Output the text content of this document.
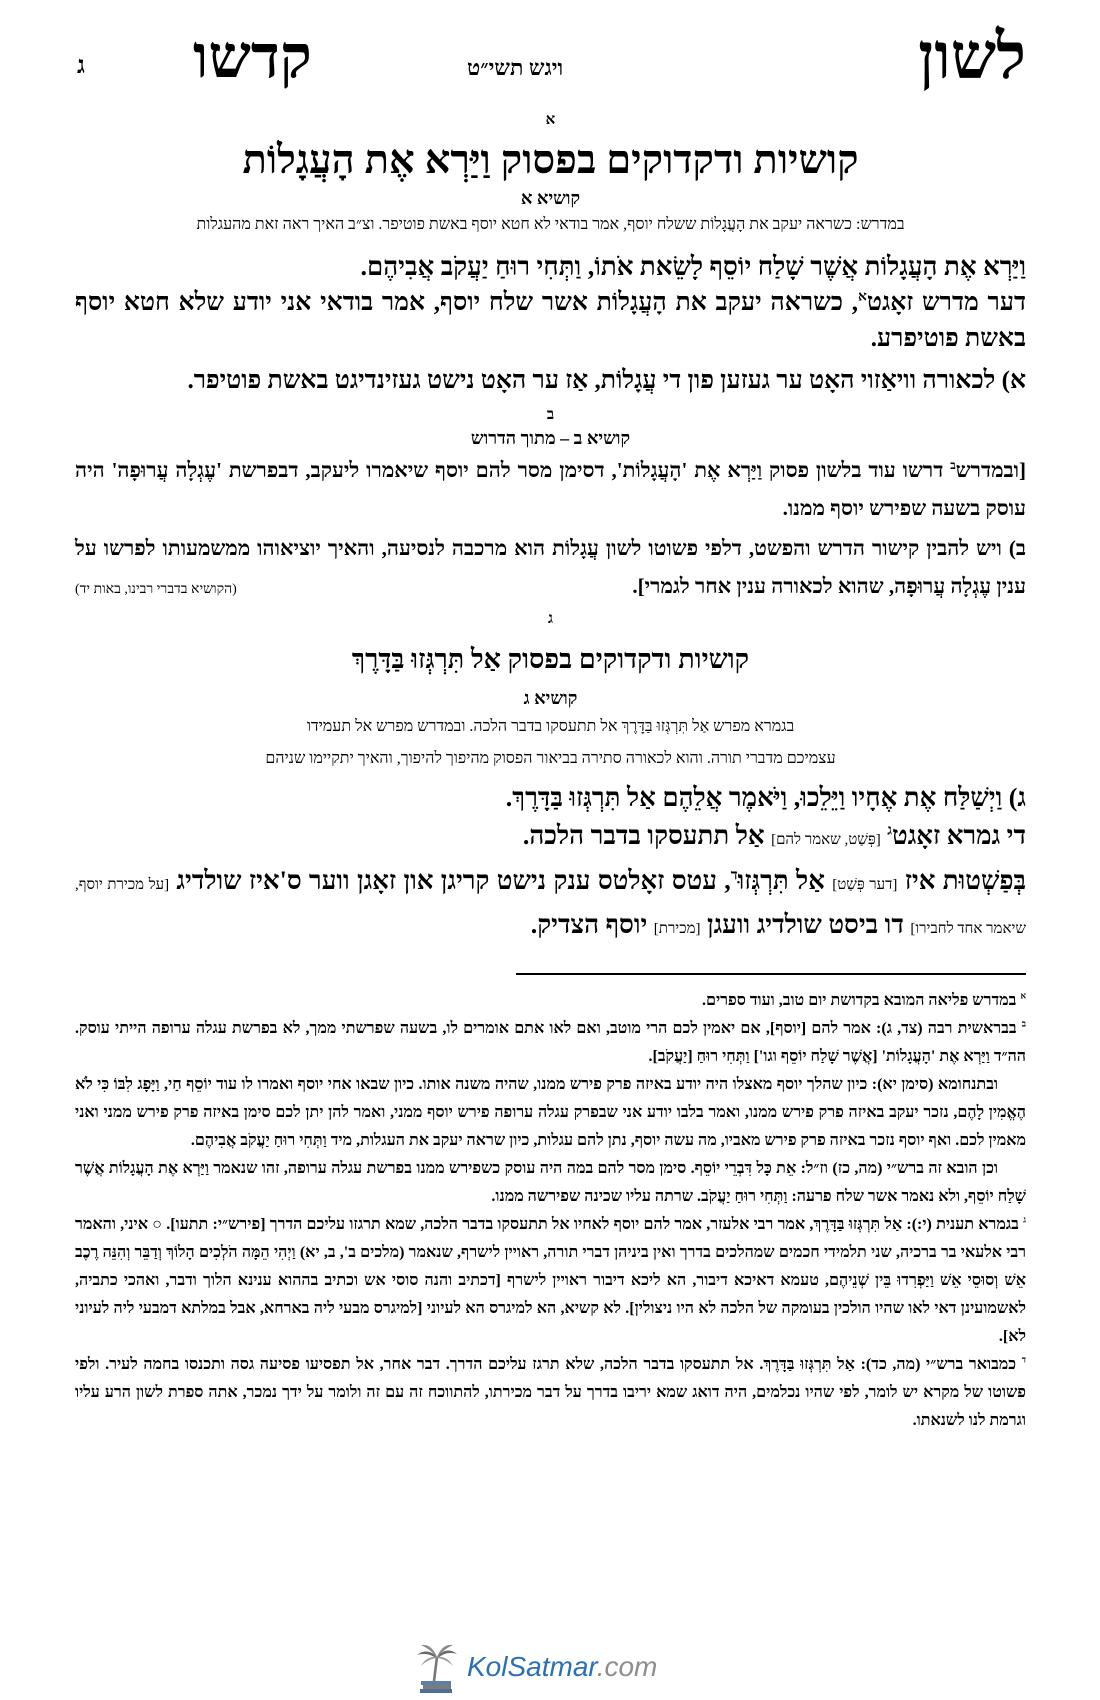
לשון
ויגש תשי״ט
קדשו
ג
א
קושיות ודקדוקים בפסוק וַיַּרְא אֶת הָעֲגָלוֹת
קושיא א
במדרש: כשראה יעקב את הָעֲגָלוֹת ששלח יוסף, אמר בודאי לא חטא יוסף באשת פוטיפר. וצ״ב האיך ראה זאת מהעגלות
וַיַּרְא אֶת הָעֲגָלוֹת אֲשֶׁר שָׁלַח יוֹסֵף לָשֵׂאת אֹתוֹ, וַתְּחִי רוּחַ יַעֲקֹב אֲבִיהֶם.
דער מדרש זאָגט$^א$, כשראה יעקב את הָעֲגָלוֹת אשר שלח יוסף, אמר בודאי אני יודע שלא חטא יוסף באשת פוטיפרע.
א) לכאורה וויאַזוי האָט ער געזען פון די עֲגָלוֹת, אַז ער האָט נישט געזינדיגט באשת פוטיפר.
ב
קושיא ב – מתוך הדרוש
[ובמדרש$^ב$ דרשו עוד בלשון פסוק וַיַּרְא אֶת 'הָעֲגָלוֹת', דסימן מסר להם יוסף שיאמרו ליעקב, דבפרשת 'עֶגְלָה עֲרוּפָה' היה עוסק בשעה שפירש יוסף ממנו.
ב) ויש להבין קישור הדרש והפשט, דלפי פשוטו לשון עֲגָלוֹת הוא מרכבה לנסיעה, והאיך יוציאוהו ממשמעותו לפרשו על ענין עֶגְלָה עֲרוּפָה, שהוא לכאורה ענין אחר לגמרי].
(הקושיא בדברי רבינו, באות יד)
ג
קושיות ודקדוקים בפסוק אַל תִּרְגְּזוּ בַּדָּרֶךְ
קושיא ג
בגמרא מפרש אַל תִּרְגְּזוּ בַּדָּרֶךְ אל תתעסקו בדבר הלכה. ובמדרש מפרש אל תעמידו
עצמיכם מדברי תורה. והוא לכאורה סתירה בביאור הפסוק מהיפוך להיפוך, והאיך יתקיימו שניהם
ג) וַיְשַׁלַּח אֶת אֶחָיו וַיֵּלֵכוּ, וַיֹּאמֶר אֲלֵהֶם אַל תִּרְגְּזוּ בַּדָּרֶךְ.
די גמרא זאָגט$^ג$ [פְּשַׁט, שאמר להם] אַל תתעסקו בדבר הלכה.
בְּפַשְׁטוּת איז [דער פְּשַׁט] אַל תִּרְגְּזוּ$^ד$, עטס זאָלטס ענק נישט קריגן און זאָגן ווער ס'איז שולדיג [על מכירת יוסף, שיאמר אחד לחבירו] דו ביסט שולדיג וועגן [מכירת] יוסף הצדיק.

$^א$ במדרש פליאה המובא בקדושת יום טוב, ועוד ספרים.

$^ב$ בבראשית רבה (צד, ג): אמר להם [יוסף], אם יאמין לכם הרי מוטב, ואם לאו אתם אומרים לו, בשעה שפרשתי ממך, לא בפרשת עגלה ערופה הייתי עוסק. הה״ד וַיַּרְא אֶת 'הָעֲגָלוֹת' [אֲשֶׁר שָׁלַח יוֹסֵף וגו'] וַתְּחִי רוּחַ [יַעֲקֹב].

ובתנחומא (סימן יא): כיון שהלך יוסף מאצלו היה יודע באיזה פרק פירש ממנו, שהיה משנה אותו. כיון שבאו אחי יוסף ואמרו לו עוד יוֹסֵף חַי, וַיָּפָג לִבּוֹ כִּי לֹא הֶאֱמִין לָהֶם, נזכר יעקב באיזה פרק פירש ממנו, ואמר בלבו יודע אני שבפרק עגלה ערופה פירש יוסף ממני, ואמר להן יתן לכם סימן באיזה פרק פירש ממני ואני מאמין לכם. ואף יוסף נזכר באיזה פרק פירש מאביו, מה עשה יוסף, נתן להם עגלות, כיון שראה יעקב את העגלות, מיד וַתְּחִי רוּחַ יַעֲקֹב אֲבִיהֶם.

וכן הובא זה ברש״י (מה, כז) וז״ל: אֵת כָּל דִּבְרֵי יוֹסֵף. סימן מסר להם במה היה עוסק כשפירש ממנו בפרשת עגלה ערופה, זהו שנאמר וַיַּרְא אֶת הָעֲגָלוֹת אֲשֶׁר שָׁלַח יוֹסֵף, ולא נאמר אשר שלח פרעה: וַתְּחִי רוּחַ יַעֲקֹב. שרתה עליו שכינה שפירשה ממנו.

$^ג$ בגמרא תענית (י:): אַל תִּרְגְּזוּ בַּדָּרֶךְ, אמר רבי אלעזר, אמר להם יוסף לאחיו אל תתעסקו בדבר הלכה, שמא תרגזו עליכם הדרך [פירש״י: תתעו]. ○ איני, והאמר רבי אלעאי בר ברכיה, שני תלמידי חכמים שמהלכים בדרך ואין ביניהן דברי תורה, ראויין לישרף, שנאמר (מלכים ב', ב, יא) וַיְהִי הֵמָּה הֹלְכִים הָלוֹךְ וְדַבֵּר וְהִנֵּה רֶכֶב אֵשׁ וְסוּסֵי אֵשׁ וַיַּפְרִדוּ בֵּין שְׁנֵיהֶם, טעמא דאיכא דיבור, הא ליכא דיבור ראויין לישרף [דכתיב והנה סוסי אש וכתיב בההוא ענינא הלוך ודבר, ואהכי כתביה, לאשמועינן דאי לאו שהיו הולכין בעומקה של הלכה לא היו ניצולין]. לא קשיא, הא למיגרס הא לעיוני [למיגרס מבעי ליה בארחא, אבל במלתא דמבעי ליה לעיוני לא].

$^ד$ כמבואר ברש״י (מה, כד): אַל תִּרְגְּזוּ בַּדָּרֶךְ. אל תתעסקו בדבר הלכה, שלא תרגז עליכם הדרך. דבר אחר, אל תפסיעו פסיעה גסה ותכנסו בחמה לעיר. ולפי פשוטו של מקרא יש לומר, לפי שהיו נכלמים, היה דואג שמא יריבו בדרך על דבר מכירתו, להתווכח זה עם זה ולומר על ידך נמכר, אתה ספרת לשון הרע עליו וגרמת לנו לשנאתו.

KolSatmar.com
